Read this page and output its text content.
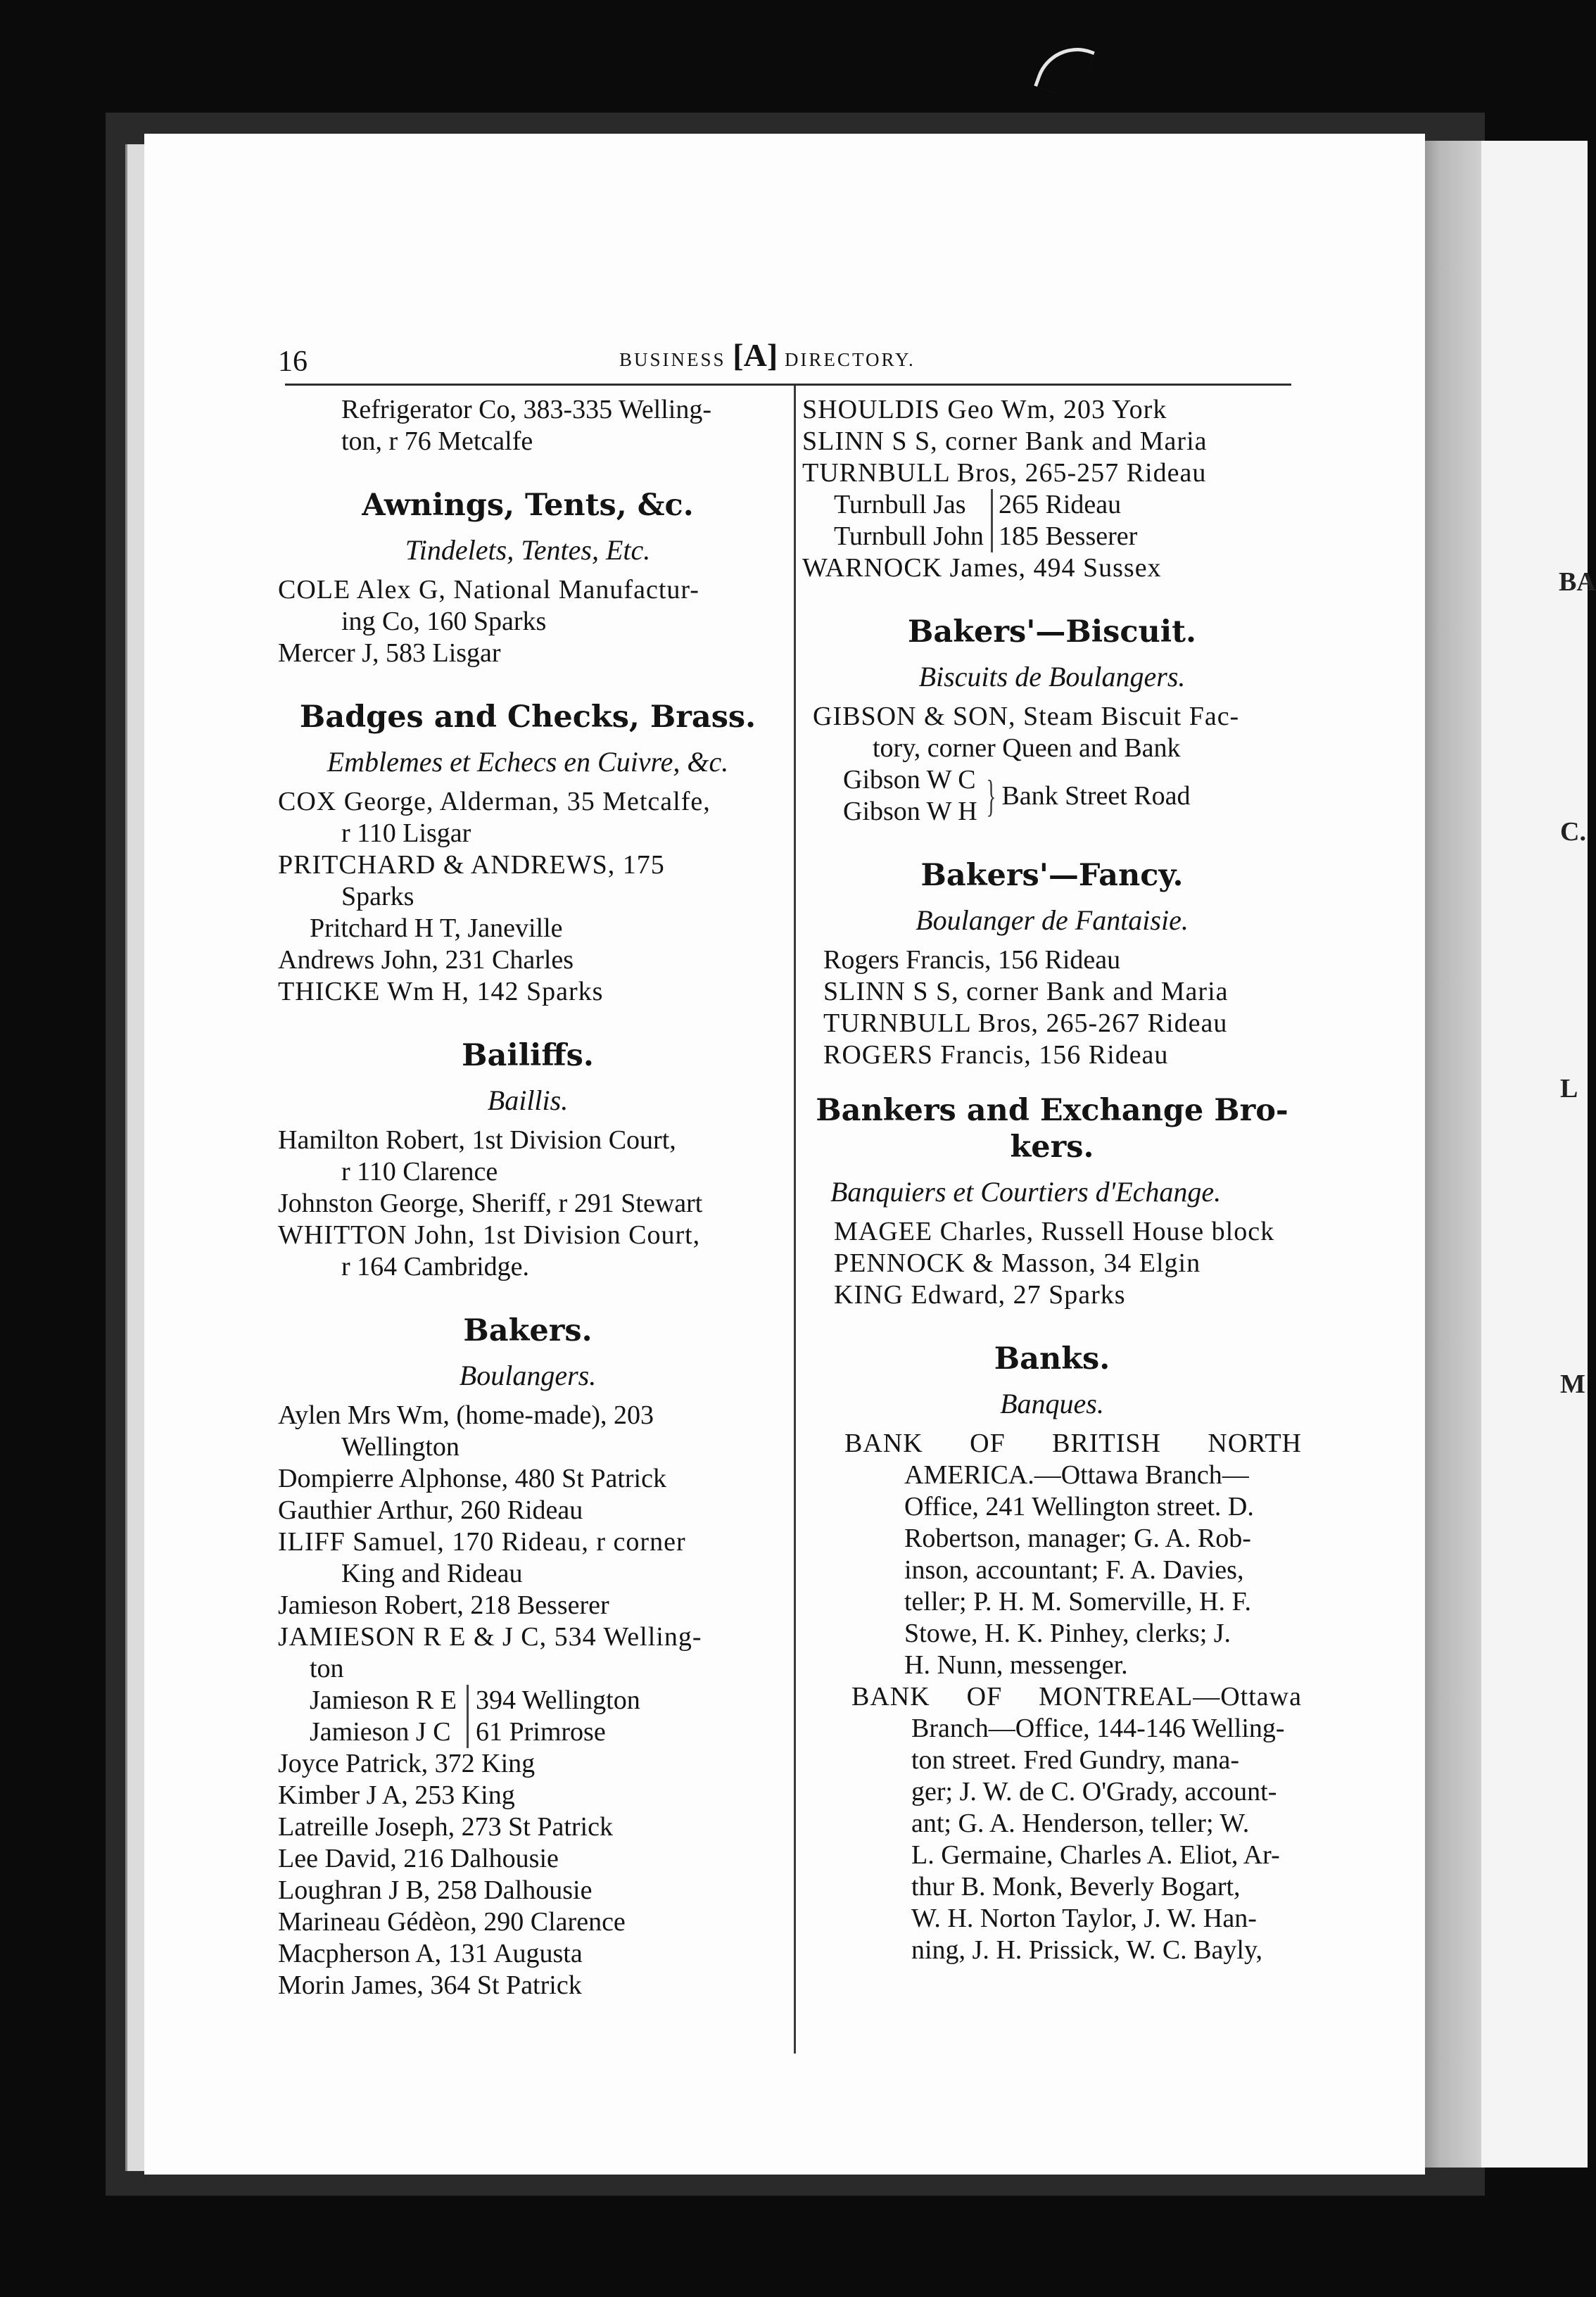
BA
C.
L
M
16	BUSINESS [A] DIRECTORY.
Refrigerator Co, 383-335 Welling-
ton, r 76 Metcalfe
Awnings, Tents, &c.
Tindelets, Tentes, Etc.
COLE Alex G, National Manufactur-
ing Co, 160 Sparks
Mercer J, 583 Lisgar
Badges and Checks, Brass.
Emblemes et Echecs en Cuivre, &c.
COX George, Alderman, 35 Metcalfe,
r 110 Lisgar
PRITCHARD & ANDREWS, 175
Sparks
Pritchard H T, Janeville
Andrews John, 231 Charles
THICKE Wm H, 142 Sparks
Bailiffs.
Baillis.
Hamilton Robert, 1st Division Court,
r 110 Clarence
Johnston George, Sheriff, r 291 Stewart
WHITTON John, 1st Division Court,
r 164 Cambridge.
Bakers.
Boulangers.
Aylen Mrs Wm, (home-made), 203
Wellington
Dompierre Alphonse, 480 St Patrick
Gauthier Arthur, 260 Rideau
ILIFF Samuel, 170 Rideau, r corner
King and Rideau
Jamieson Robert, 218 Besserer
JAMIESON R E & J C, 534 Welling-
ton
Jamieson R E
Jamieson J C
394 Wellington
61 Primrose
Joyce Patrick, 372 King
Kimber J A, 253 King
Latreille Joseph, 273 St Patrick
Lee David, 216 Dalhousie
Loughran J B, 258 Dalhousie
Marineau Gédèon, 290 Clarence
Macpherson A, 131 Augusta
Morin James, 364 St Patrick
SHOULDIS Geo Wm, 203 York
SLINN S S, corner Bank and Maria
TURNBULL Bros, 265-257 Rideau
Turnbull Jas
Turnbull John
265 Rideau
185 Besserer
WARNOCK James, 494 Sussex
Bakers'—Biscuit.
Biscuits de Boulangers.
GIBSON & SON, Steam Biscuit Fac-
tory, corner Queen and Bank
Gibson W C
Gibson W H } Bank Street Road
Bakers'—Fancy.
Boulanger de Fantaisie.
Rogers Francis, 156 Rideau
SLINN S S, corner Bank and Maria
TURNBULL Bros, 265-267 Rideau
ROGERS Francis, 156 Rideau
Bankers and Exchange Bro-
kers.
Banquiers et Courtiers d'Echange.
MAGEE Charles, Russell House block
PENNOCK & Masson, 34 Elgin
KING Edward, 27 Sparks
Banks.
Banques.
BANK OF BRITISH NORTH
AMERICA.—Ottawa Branch—
Office, 241 Wellington street. D.
Robertson, manager; G. A. Rob-
inson, accountant; F. A. Davies,
teller; P. H. M. Somerville, H. F.
Stowe, H. K. Pinhey, clerks; J.
H. Nunn, messenger.
BANK OF MONTREAL—Ottawa
Branch—Office, 144-146 Welling-
ton street. Fred Gundry, mana-
ger; J. W. de C. O'Grady, account-
ant; G. A. Henderson, teller; W.
L. Germaine, Charles A. Eliot, Ar-
thur B. Monk, Beverly Bogart,
W. H. Norton Taylor, J. W. Han-
ning, J. H. Prissick, W. C. Bayly,
